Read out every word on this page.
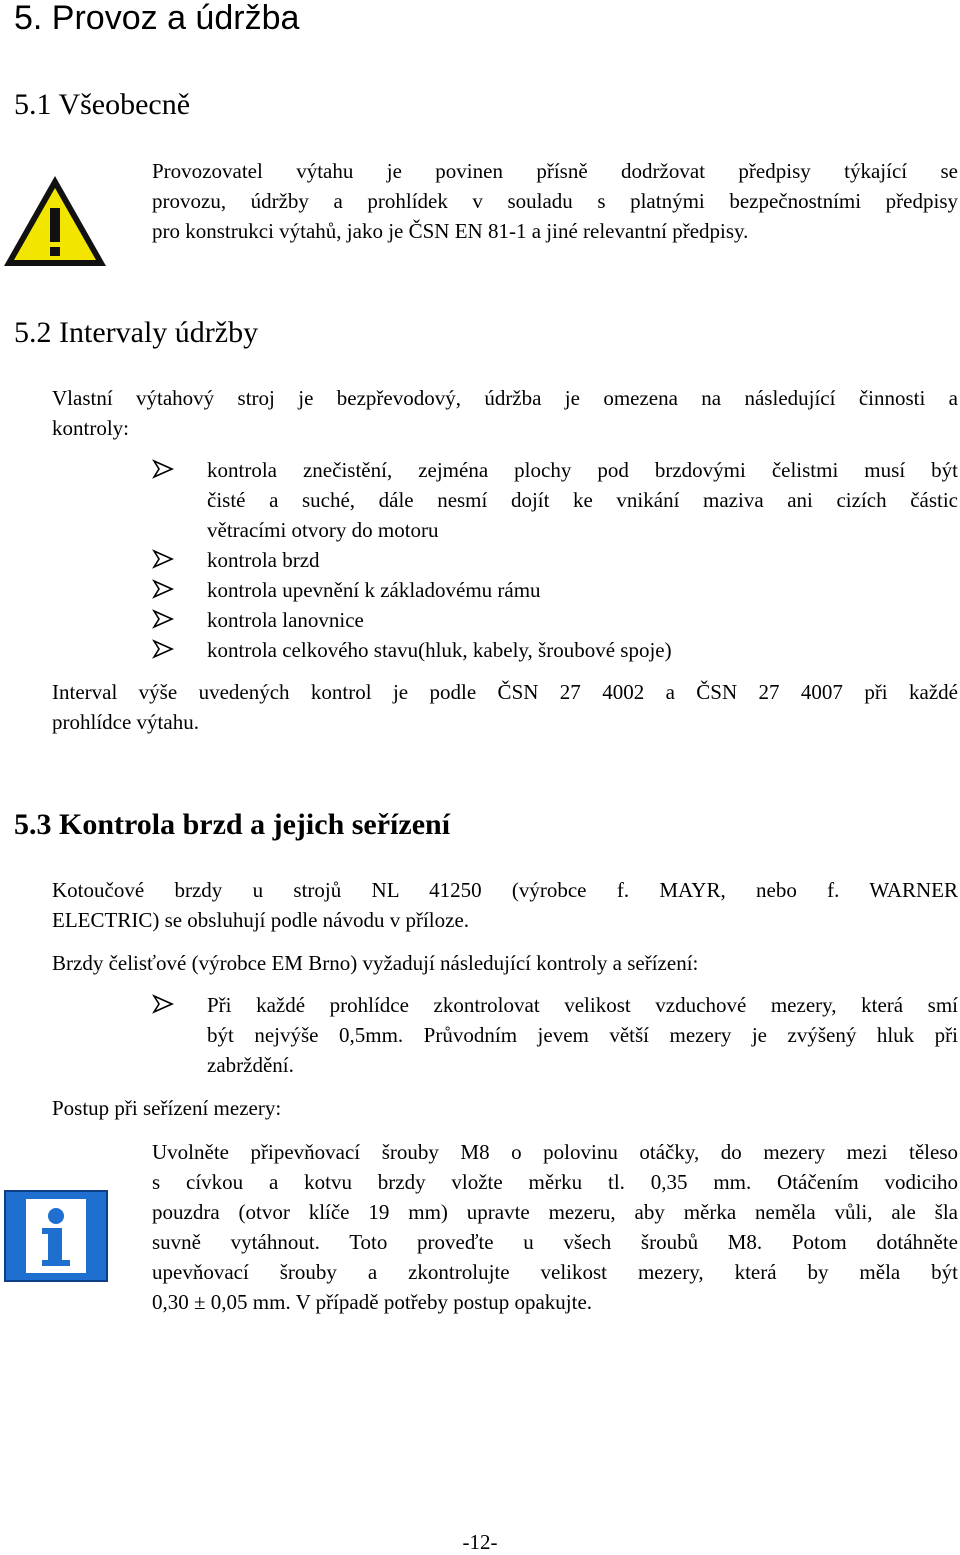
5. Provoz a údržba
5.1 Všeobecně
Provozovatel výtahu je povinen přísně dodržovat předpisy týkající se
provozu, údržby a prohlídek v souladu s platnými bezpečnostními předpisy
pro konstrukci výtahů, jako je ČSN EN 81-1 a jiné relevantní předpisy.
5.2 Intervaly údržby
Vlastní výtahový stroj je bezpřevodový, údržba je omezena na následující činnosti a
kontroly:
kontrola znečistění, zejména plochy pod brzdovými čelistmi musí být
čisté a suché, dále nesmí dojít ke vnikání maziva ani cizích částic
větracími otvory do motoru
kontrola brzd
kontrola upevnění k základovému rámu
kontrola lanovnice
kontrola celkového stavu(hluk, kabely, šroubové spoje)
Interval výše uvedených kontrol je podle ČSN 27 4002 a ČSN 27 4007 při každé
prohlídce výtahu.
5.3 Kontrola brzd a jejich seřízení
Kotoučové brzdy u strojů NL 41250 (výrobce f. MAYR, nebo f. WARNER
ELECTRIC) se obsluhují podle návodu v příloze.
Brzdy čelisťové (výrobce EM Brno) vyžadují následující kontroly a seřízení:
Při každé prohlídce zkontrolovat velikost vzduchové mezery, která smí
být nejvýše 0,5mm. Průvodním jevem větší mezery je zvýšený hluk při
zabrždění.
Postup při seřízení mezery:
Uvolněte připevňovací šrouby M8 o polovinu otáčky, do mezery mezi těleso
s cívkou a kotvu brzdy vložte měrku tl. 0,35 mm. Otáčením vodiciho
pouzdra (otvor klíče 19 mm) upravte mezeru, aby měrka neměla vůli, ale šla
suvně vytáhnout. Toto proveďte u všech šroubů M8. Potom dotáhněte
upevňovací šrouby a zkontrolujte velikost mezery, která by měla být
0,30 ± 0,05 mm. V případě potřeby postup opakujte.
-12-
